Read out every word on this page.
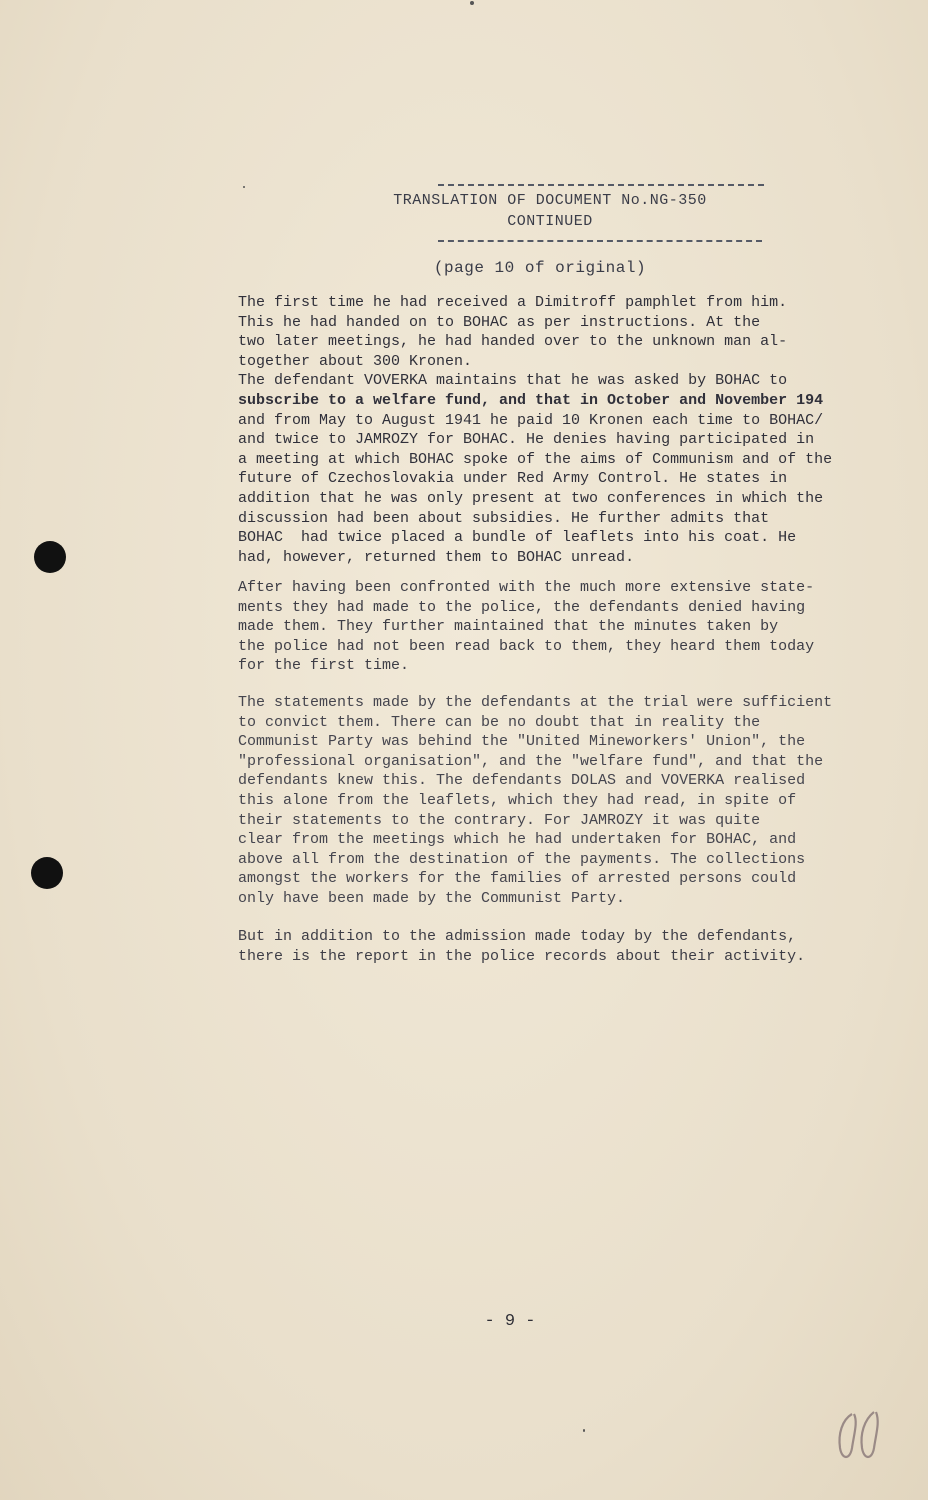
TRANSLATION OF DOCUMENT No.NG-350
CONTINUED
(page 10 of original)

The first time he had received a Dimitroff pamphlet from him.

This he had handed on to BOHAC as per instructions. At the

two later meetings, he had handed over to the unknown man al-

together about 300 Kronen.

The defendant VOVERKA maintains that he was asked by BOHAC to

subscribe to a welfare fund, and that in October and November 194

and from May to August 1941 he paid 10 Kronen each time to BOHAC/

and twice to JAMROZY for BOHAC. He denies having participated in

a meeting at which BOHAC spoke of the aims of Communism and of the

future of Czechoslovakia under Red Army Control. He states in

addition that he was only present at two conferences in which the

discussion had been about subsidies. He further admits that

BOHAC  had twice placed a bundle of leaflets into his coat. He

had, however, returned them to BOHAC unread.

After having been confronted with the much more extensive state-

ments they had made to the police, the defendants denied having

made them. They further maintained that the minutes taken by

the police had not been read back to them, they heard them today

for the first time.

The statements made by the defendants at the trial were sufficient

to convict them. There can be no doubt that in reality the

Communist Party was behind the "United Mineworkers' Union", the

"professional organisation", and the "welfare fund", and that the

defendants knew this. The defendants DOLAS and VOVERKA realised

this alone from the leaflets, which they had read, in spite of

their statements to the contrary. For JAMROZY it was quite

clear from the meetings which he had undertaken for BOHAC, and

above all from the destination of the payments. The collections

amongst the workers for the families of arrested persons could

only have been made by the Communist Party.

But in addition to the admission made today by the defendants,

there is the report in the police records about their activity.

- 9 -
